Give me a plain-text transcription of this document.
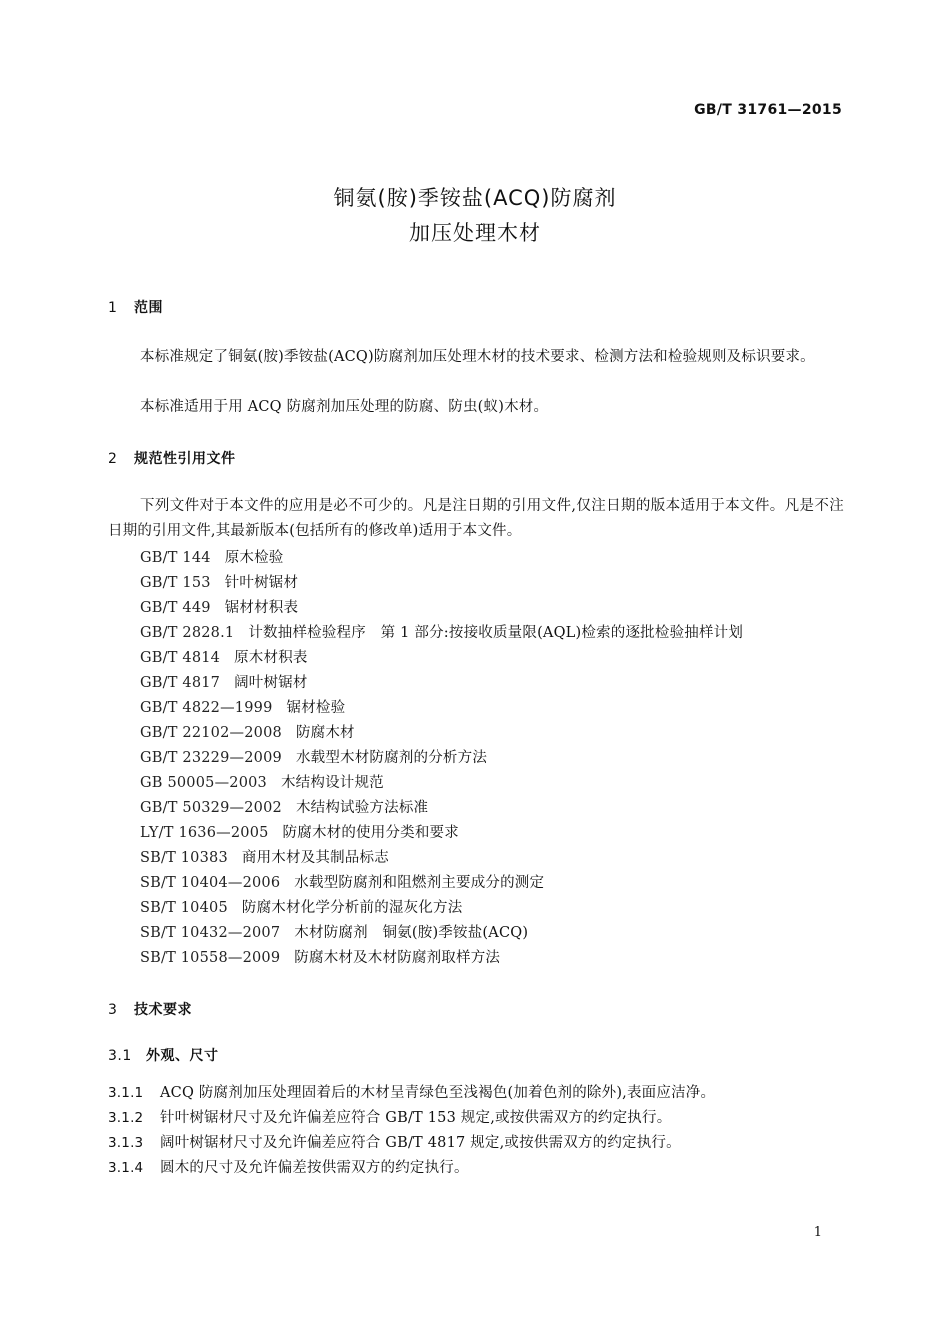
GB/T 31761—2015
铜氨(胺)季铵盐(ACQ)防腐剂
加压处理木材
1 范围
本标准规定了铜氨(胺)季铵盐(ACQ)防腐剂加压处理木材的技术要求、检测方法和检验规则及标识要求。
本标准适用于用 ACQ 防腐剂加压处理的防腐、防虫(蚁)木材。
2 规范性引用文件
下列文件对于本文件的应用是必不可少的。凡是注日期的引用文件,仅注日期的版本适用于本文件。凡是不注日期的引用文件,其最新版本(包括所有的修改单)适用于本文件。
GB/T 144 原木检验
GB/T 153 针叶树锯材
GB/T 449 锯材材积表
GB/T 2828.1 计数抽样检验程序　第 1 部分:按接收质量限(AQL)检索的逐批检验抽样计划
GB/T 4814 原木材积表
GB/T 4817 阔叶树锯材
GB/T 4822—1999 锯材检验
GB/T 22102—2008 防腐木材
GB/T 23229—2009 水载型木材防腐剂的分析方法
GB 50005—2003 木结构设计规范
GB/T 50329—2002 木结构试验方法标准
LY/T 1636—2005 防腐木材的使用分类和要求
SB/T 10383 商用木材及其制品标志
SB/T 10404—2006 水载型防腐剂和阻燃剂主要成分的测定
SB/T 10405 防腐木材化学分析前的湿灰化方法
SB/T 10432—2007 木材防腐剂　铜氨(胺)季铵盐(ACQ)
SB/T 10558—2009 防腐木材及木材防腐剂取样方法
3 技术要求
3.1 外观、尺寸
3.1.1 ACQ 防腐剂加压处理固着后的木材呈青绿色至浅褐色(加着色剂的除外),表面应洁净。
3.1.2 针叶树锯材尺寸及允许偏差应符合 GB/T 153 规定,或按供需双方的约定执行。
3.1.3 阔叶树锯材尺寸及允许偏差应符合 GB/T 4817 规定,或按供需双方的约定执行。
3.1.4 圆木的尺寸及允许偏差按供需双方的约定执行。
1
